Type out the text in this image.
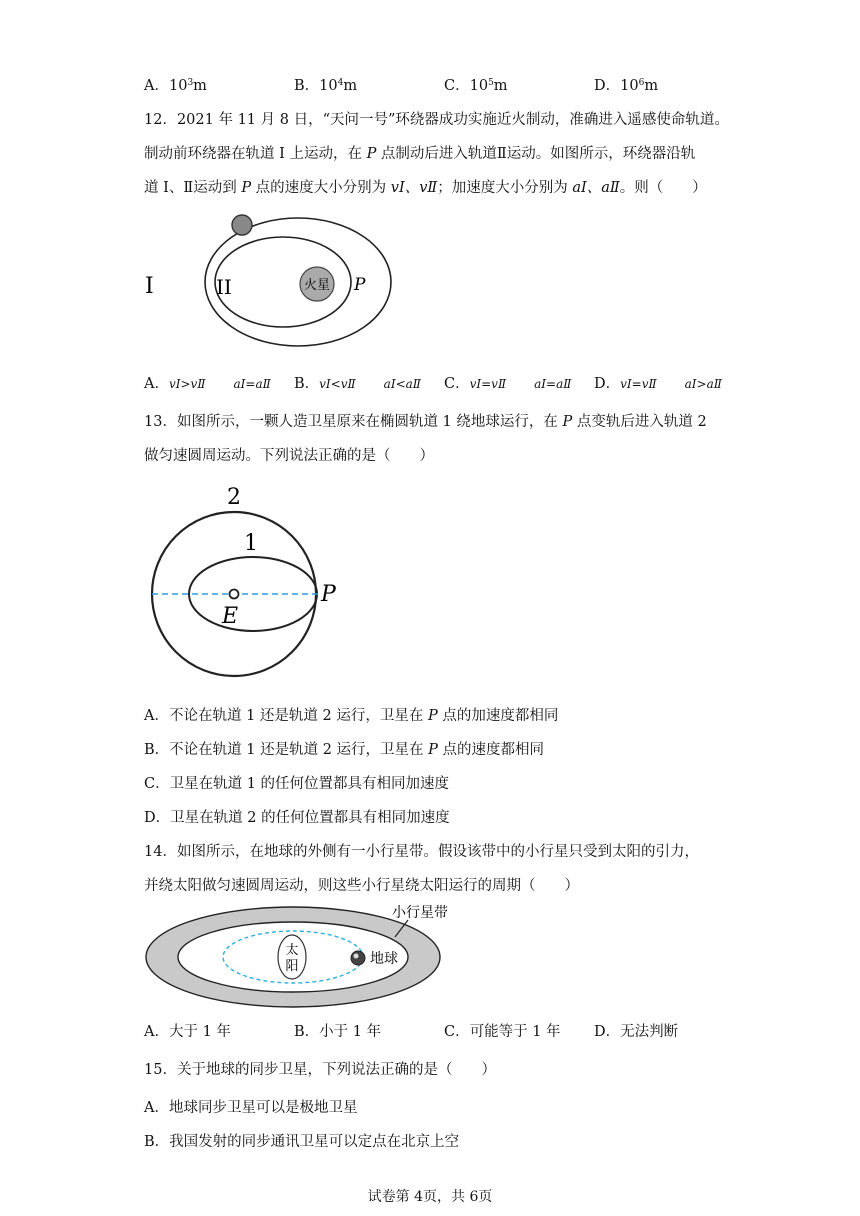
A．$10^3m$	B．$10^4m$	C．$10^5m$	D．$10^6m$
12．2021 年 11 月 8 日，“天问一号”环绕器成功实施近火制动，准确进入遥感使命轨道。
制动前环绕器在轨道 I 上运动，在 P 点制动后进入轨道Ⅱ运动。如图所示，环绕器沿轨
道 I、Ⅱ运动到 P 点的速度大小分别为 vI、vⅡ；加速度大小分别为 aI、aⅡ。则（　　）
火星
I	II	P
A．vI>vⅡ aI=aⅡ B．vI<vⅡ aI<aⅡ C．vI=vⅡ aI=aⅡ D．vI=vⅡ aI>aⅡ
13．如图所示，一颗人造卫星原来在椭圆轨道 1 绕地球运行，在 P 点变轨后进入轨道 2
做匀速圆周运动。下列说法正确的是（　　）
2
1
E
P
A．不论在轨道 1 还是轨道 2 运行，卫星在 P 点的加速度都相同
B．不论在轨道 1 还是轨道 2 运行，卫星在 P 点的速度都相同
C．卫星在轨道 1 的任何位置都具有相同加速度
D．卫星在轨道 2 的任何位置都具有相同加速度
14．如图所示，在地球的外侧有一小行星带。假设该带中的小行星只受到太阳的引力，
并绕太阳做匀速圆周运动，则这些小行星绕太阳运行的周期（　　）
太
阳	地球
小行星带
A．大于 1 年	B．小于 1 年	C．可能等于 1 年 D．无法判断
15．关于地球的同步卫星，下列说法正确的是（　　）
A．地球同步卫星可以是极地卫星
B．我国发射的同步通讯卫星可以定点在北京上空
试卷第 4页，共 6页
